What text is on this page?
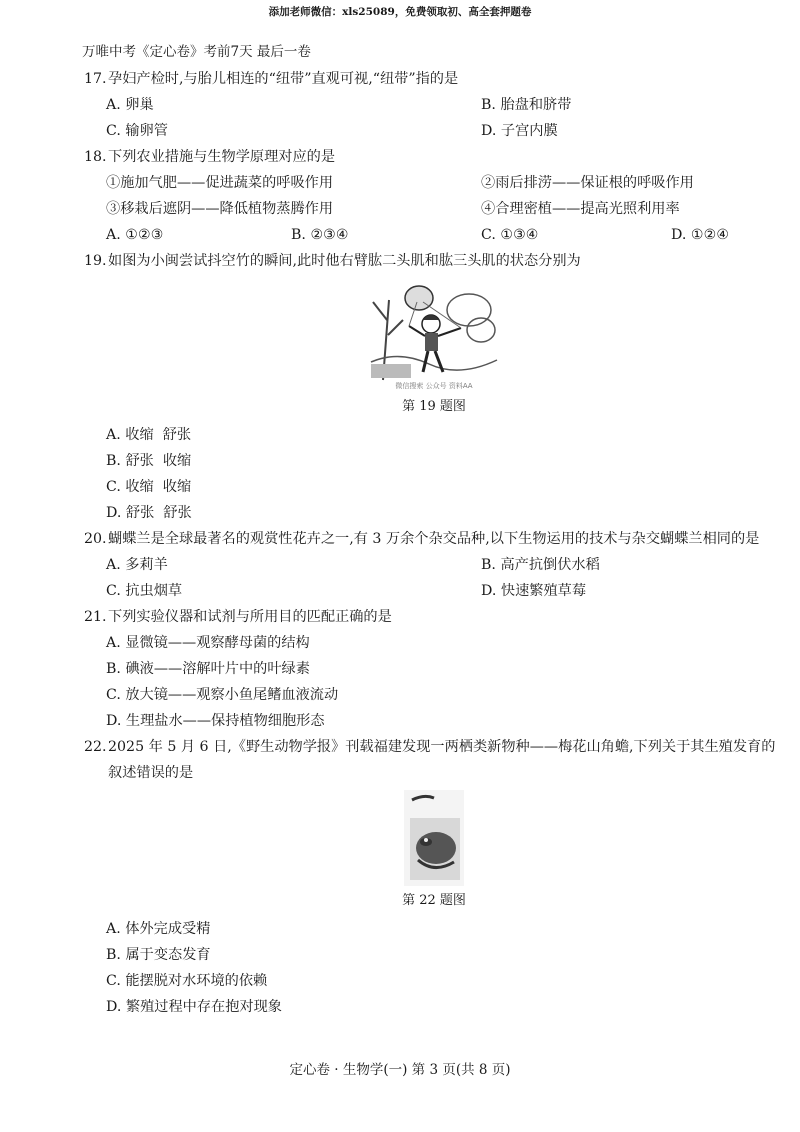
添加老师微信：xls25089，免费领取初、高全套押题卷
万唯中考《定心卷》考前7天 最后一卷
17. 孕妇产检时,与胎儿相连的“纽带”直观可视,“纽带”指的是
A. 卵巢	B. 胎盘和脐带
C. 输卵管	D. 子宫内膜
18. 下列农业措施与生物学原理对应的是
①施加气肥——促进蔬菜的呼吸作用	②雨后排涝——保证根的呼吸作用
③移栽后遮阴——降低植物蒸腾作用	④合理密植——提高光照利用率
A. ①②③	B. ②③④	C. ①③④	D. ①②④
19. 如图为小闽尝试抖空竹的瞬间,此时他右臂肱二头肌和肱三头肌的状态分别为
微信搜索 公众号 资料AA
第 19 题图
A. 收缩  舒张
B. 舒张  收缩
C. 收缩  收缩
D. 舒张  舒张
20. 蝴蝶兰是全球最著名的观赏性花卉之一,有 3 万余个杂交品种,以下生物运用的技术与杂交蝴蝶兰相同的是
A. 多莉羊	B. 高产抗倒伏水稻
C. 抗虫烟草	D. 快速繁殖草莓
21. 下列实验仪器和试剂与所用目的匹配正确的是
A. 显微镜——观察酵母菌的结构
B. 碘液——溶解叶片中的叶绿素
C. 放大镜——观察小鱼尾鳍血液流动
D. 生理盐水——保持植物细胞形态
22. 2025 年 5 月 6 日,《野生动物学报》刊载福建发现一两栖类新物种——梅花山角蟾,下列关于其生殖发育的叙述错误的是
第 22 题图
A. 体外完成受精
B. 属于变态发育
C. 能摆脱对水环境的依赖
D. 繁殖过程中存在抱对现象
定心卷 · 生物学(一) 第 3 页(共 8 页)
